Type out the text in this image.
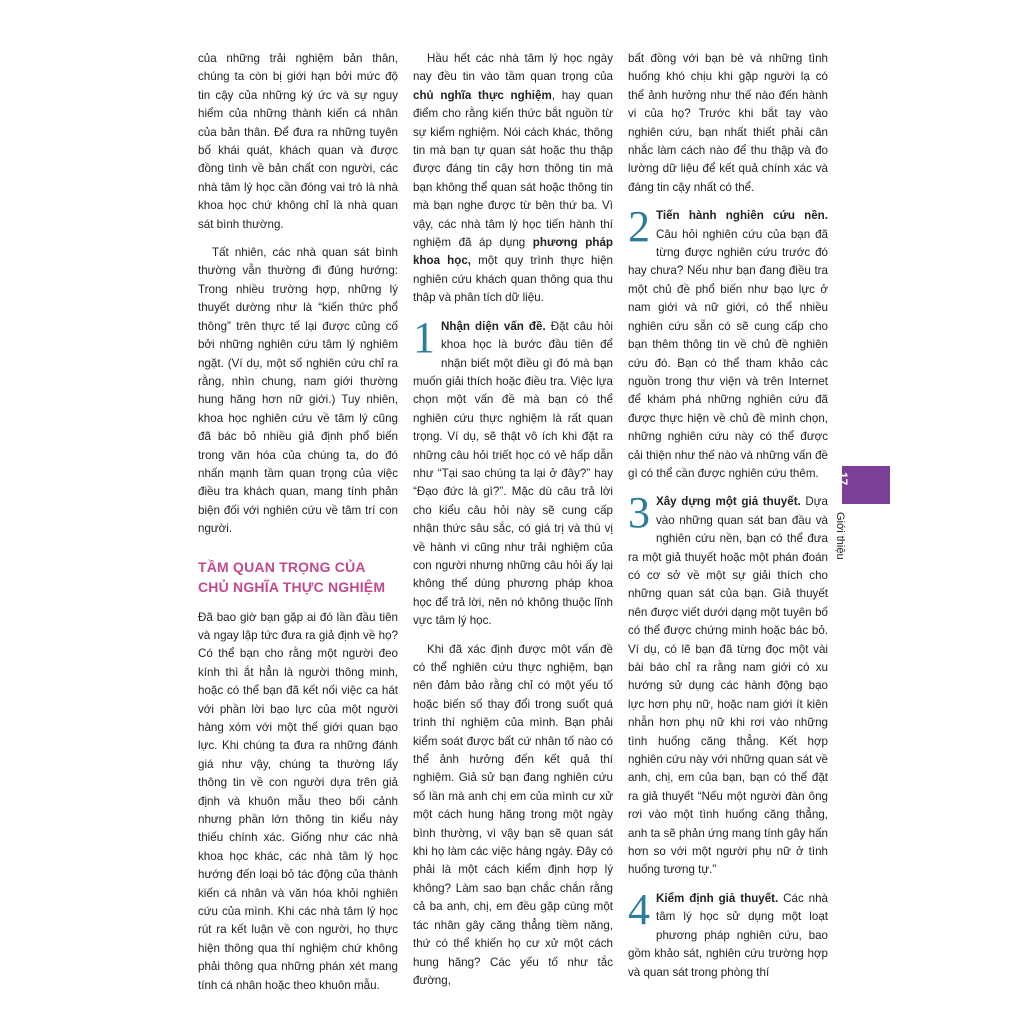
của những trải nghiệm bản thân, chúng ta còn bị giới hạn bởi mức độ tin cậy của những ký ức và sự nguy hiểm của những thành kiến cá nhân của bản thân. Để đưa ra những tuyên bố khái quát, khách quan và được đồng tình về bản chất con người, các nhà tâm lý học cần đóng vai trò là nhà khoa học chứ không chỉ là nhà quan sát bình thường.

Tất nhiên, các nhà quan sát bình thường vẫn thường đi đúng hướng: Trong nhiều trường hợp, những lý thuyết dường như là “kiến thức phổ thông” trên thực tế lại được củng cố bởi những nghiên cứu tâm lý nghiêm ngặt. (Ví dụ, một số nghiên cứu chỉ ra rằng, nhìn chung, nam giới thường hung hăng hơn nữ giới.) Tuy nhiên, khoa học nghiên cứu về tâm lý cũng đã bác bỏ nhiều giả định phổ biến trong văn hóa của chúng ta, do đó nhấn mạnh tầm quan trọng của việc điều tra khách quan, mang tính phản biện đối với nghiên cứu về tâm trí con người.

TẦM QUAN TRỌNG CỦA CHỦ NGHĨA THỰC NGHIỆM

Đã bao giờ bạn gặp ai đó lần đầu tiên và ngay lập tức đưa ra giả định về họ? Có thể bạn cho rằng một người đeo kính thì ắt hẳn là người thông minh, hoặc có thể bạn đã kết nối việc ca hát với phần lời bạo lực của một người hàng xóm với một thế giới quan bạo lực. Khi chúng ta đưa ra những đánh giá như vậy, chúng ta thường lấy thông tin về con người dựa trên giả định và khuôn mẫu theo bối cảnh nhưng phần lớn thông tin kiểu này thiếu chính xác. Giống như các nhà khoa học khác, các nhà tâm lý học hướng đến loại bỏ tác động của thành kiến cá nhân và văn hóa khỏi nghiên cứu của mình. Khi các nhà tâm lý học rút ra kết luận về con người, họ thực hiện thông qua thí nghiệm chứ không phải thông qua những phán xét mang tính cá nhân hoặc theo khuôn mẫu.

Hầu hết các nhà tâm lý học ngày nay đều tin vào tầm quan trọng của chủ nghĩa thực nghiệm, hay quan điểm cho rằng kiến thức bắt nguồn từ sự kiểm nghiệm. Nói cách khác, thông tin mà bạn tự quan sát hoặc thu thập được đáng tin cậy hơn thông tin mà bạn không thể quan sát hoặc thông tin mà bạn nghe được từ bên thứ ba. Vì vậy, các nhà tâm lý học tiến hành thí nghiệm đã áp dụng phương pháp khoa học, một quy trình thực hiện nghiên cứu khách quan thông qua thu thập và phân tích dữ liệu.

1 Nhận diện vấn đề. Đặt câu hỏi khoa học là bước đầu tiên để nhận biết một điều gì đó mà bạn muốn giải thích hoặc điều tra. Việc lựa chọn một vấn đề mà bạn có thể nghiên cứu thực nghiệm là rất quan trọng. Ví dụ, sẽ thật vô ích khi đặt ra những câu hỏi triết học có vẻ hấp dẫn như “Tại sao chúng ta lại ở đây?” hay “Đạo đức là gì?”. Mặc dù câu trả lời cho kiểu câu hỏi này sẽ cung cấp nhận thức sâu sắc, có giá trị và thú vị về hành vi cũng như trải nghiệm của con người nhưng những câu hỏi ấy lại không thể dùng phương pháp khoa học để trả lời, nên nó không thuộc lĩnh vực tâm lý học.

Khi đã xác định được một vấn đề có thể nghiên cứu thực nghiệm, bạn nên đảm bảo rằng chỉ có một yếu tố hoặc biến số thay đổi trong suốt quá trình thí nghiệm của mình. Bạn phải kiểm soát được bất cứ nhân tố nào có thể ảnh hưởng đến kết quả thí nghiệm. Giả sử bạn đang nghiên cứu số lần mà anh chị em của mình cư xử một cách hung hăng trong một ngày bình thường, vì vậy bạn sẽ quan sát khi họ làm các việc hàng ngày. Đây có phải là một cách kiểm định hợp lý không? Làm sao bạn chắc chắn rằng cả ba anh, chị, em đều gặp cùng một tác nhân gây căng thẳng tiềm năng, thứ có thể khiến họ cư xử một cách hung hăng? Các yếu tố như tắc đường,

bất đồng với bạn bè và những tình huống khó chịu khi gặp người lạ có thể ảnh hưởng như thế nào đến hành vi của họ? Trước khi bắt tay vào nghiên cứu, bạn nhất thiết phải cân nhắc làm cách nào để thu thập và đo lường dữ liệu để kết quả chính xác và đáng tin cậy nhất có thể.

2 Tiến hành nghiên cứu nền. Câu hỏi nghiên cứu của bạn đã từng được nghiên cứu trước đó hay chưa? Nếu như bạn đang điều tra một chủ đề phổ biến như bạo lực ở nam giới và nữ giới, có thể nhiều nghiên cứu sẵn có sẽ cung cấp cho bạn thêm thông tin về chủ đề nghiên cứu đó. Bạn có thể tham khảo các nguồn trong thư viện và trên Internet để khám phá những nghiên cứu đã được thực hiện về chủ đề mình chọn, những nghiên cứu này có thể được cải thiện như thế nào và những vấn đề gì có thể cần được nghiên cứu thêm.
3 Xây dựng một giả thuyết. Dựa vào những quan sát ban đầu và nghiên cứu nền, bạn có thể đưa ra một giả thuyết hoặc một phán đoán có cơ sở về một sự giải thích cho những quan sát của bạn. Giả thuyết nên được viết dưới dạng một tuyên bố có thể được chứng minh hoặc bác bỏ. Ví dụ, có lẽ bạn đã từng đọc một vài bài báo chỉ ra rằng nam giới có xu hướng sử dụng các hành động bạo lực hơn phụ nữ, hoặc nam giới ít kiên nhẫn hơn phụ nữ khi rơi vào những tình huống căng thẳng. Kết hợp nghiên cứu này với những quan sát về anh, chị, em của bạn, bạn có thể đặt ra giả thuyết “Nếu một người đàn ông rơi vào một tình huống căng thẳng, anh ta sẽ phản ứng mang tính gây hấn hơn so với một người phụ nữ ở tình huống tương tự.”
4 Kiểm định giả thuyết. Các nhà tâm lý học sử dụng một loạt phương pháp nghiên cứu, bao gồm khảo sát, nghiên cứu trường hợp và quan sát trong phòng thí
17
Giới thiệu
